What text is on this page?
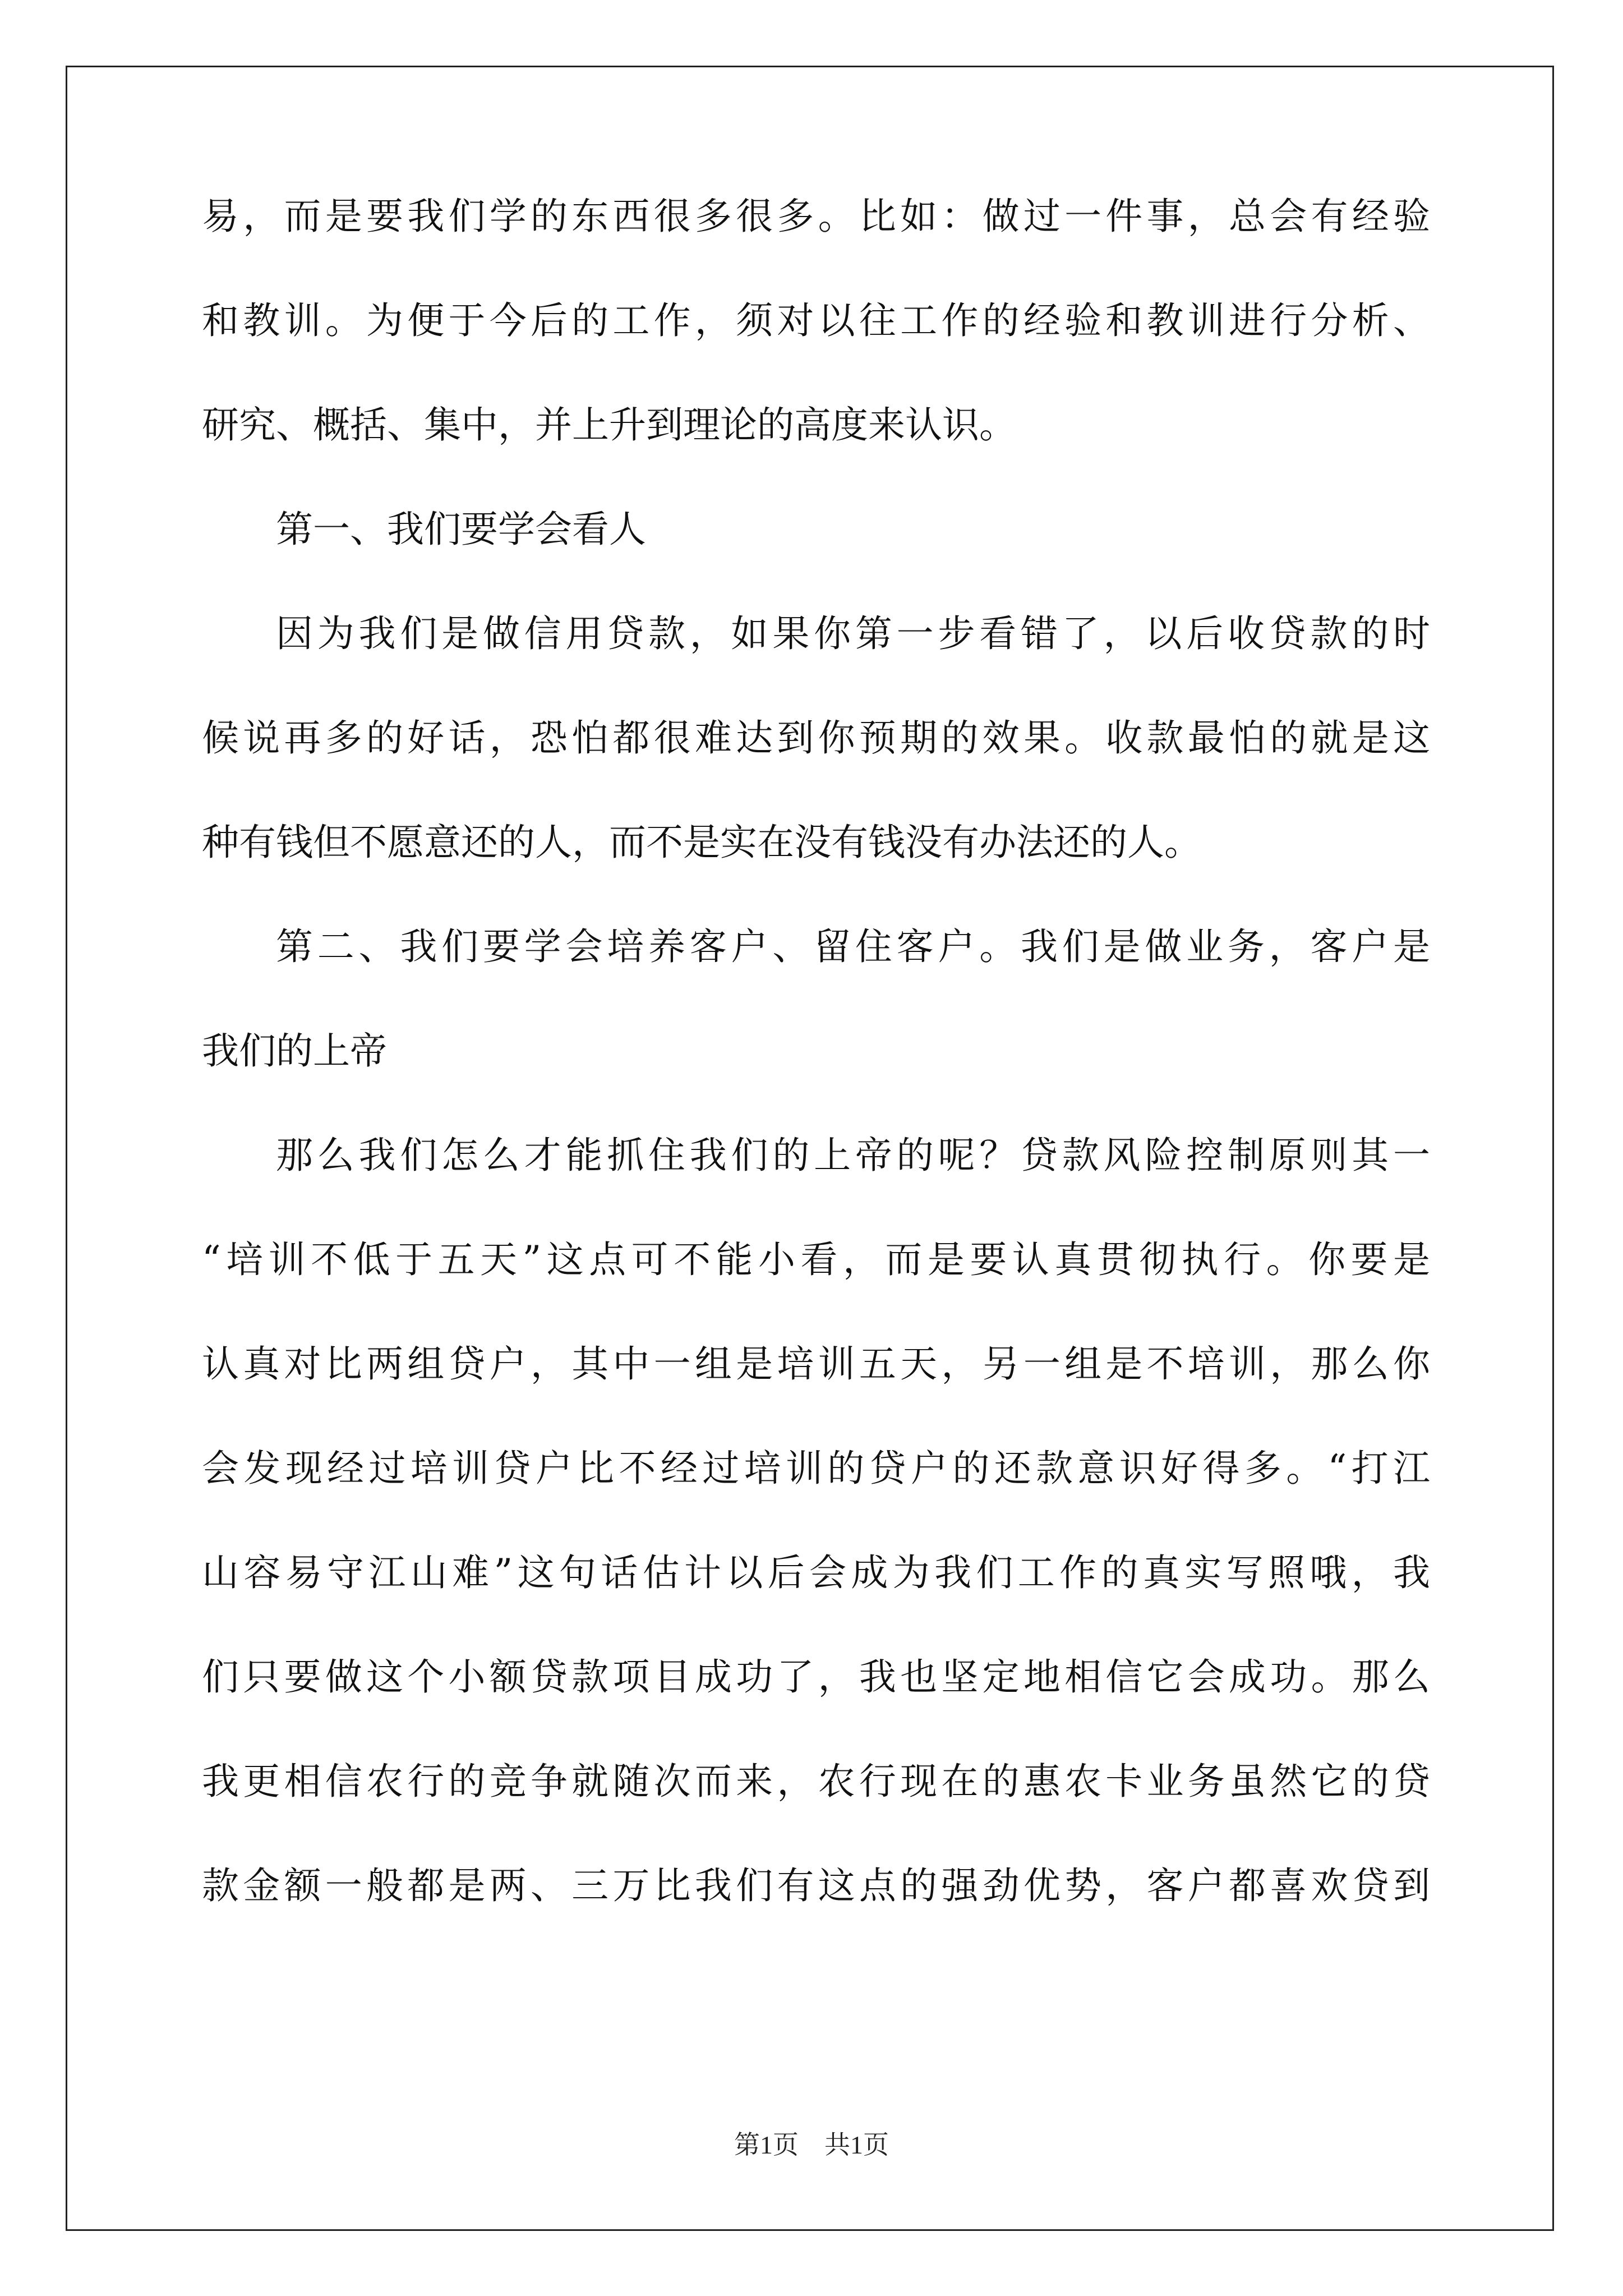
易，而是要我们学的东西很多很多。比如：做过一件事，总会有经验
和教训。为便于今后的工作，须对以往工作的经验和教训进行分析、
研究、概括、集中，并上升到理论的高度来认识。
第一、我们要学会看人
因为我们是做信用贷款，如果你第一步看错了，以后收贷款的时
候说再多的好话，恐怕都很难达到你预期的效果。收款最怕的就是这
种有钱但不愿意还的人，而不是实在没有钱没有办法还的人。
第二、我们要学会培养客户、留住客户。我们是做业务，客户是
我们的上帝
那么我们怎么才能抓住我们的上帝的呢？贷款风险控制原则其一
“培训不低于五天”这点可不能小看，而是要认真贯彻执行。你要是
认真对比两组贷户，其中一组是培训五天，另一组是不培训，那么你
会发现经过培训贷户比不经过培训的贷户的还款意识好得多。“打江
山容易守江山难”这句话估计以后会成为我们工作的真实写照哦，我
们只要做这个小额贷款项目成功了，我也坚定地相信它会成功。那么
我更相信农行的竞争就随次而来，农行现在的惠农卡业务虽然它的贷
款金额一般都是两、三万比我们有这点的强劲优势，客户都喜欢贷到
第1页　共1页
